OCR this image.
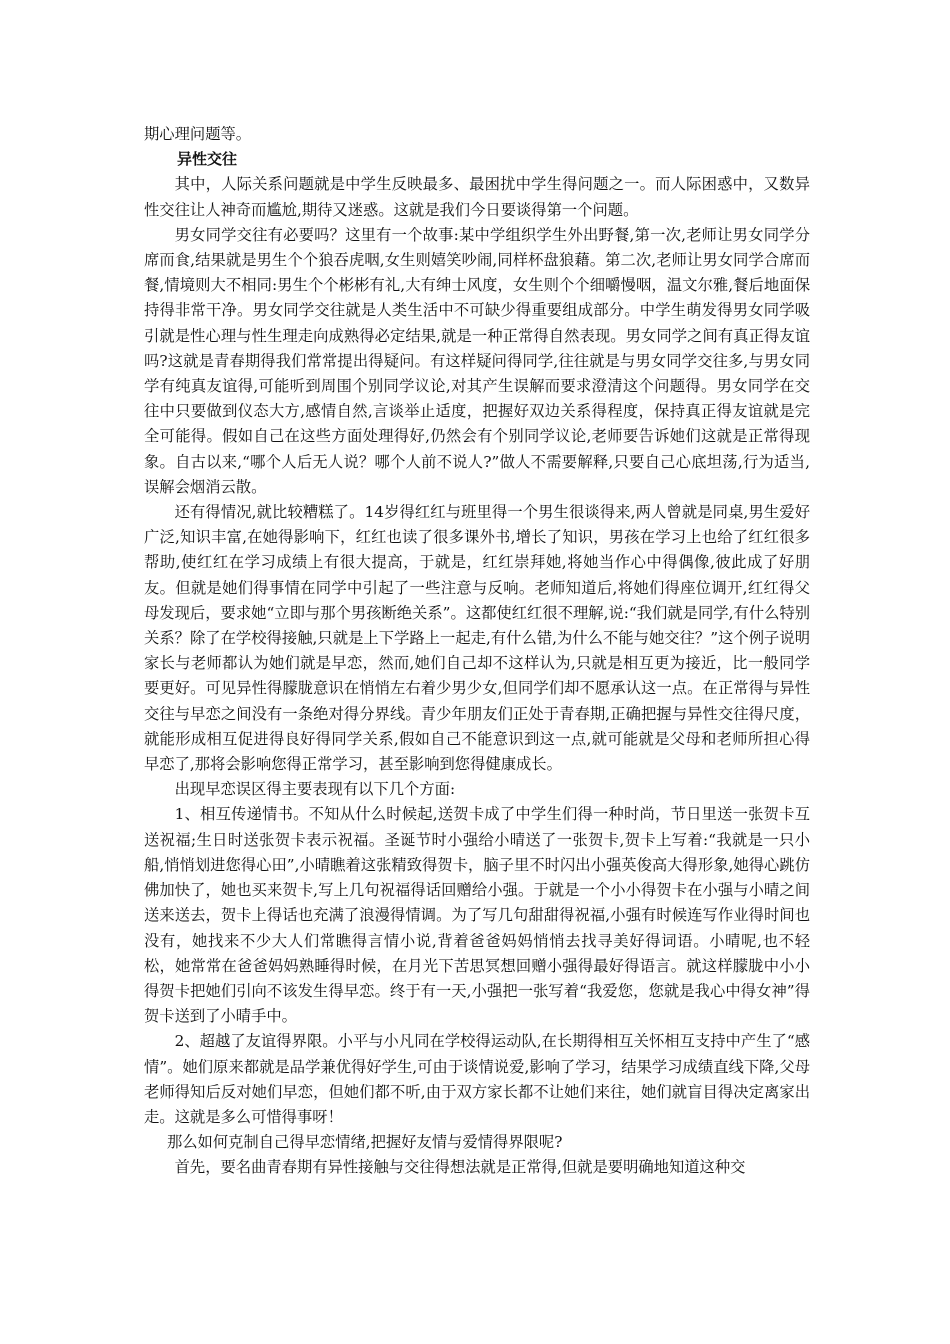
期心理问题等。

异性交往

其中，人际关系问题就是中学生反映最多、最困扰中学生得问题之一。而人际困惑中，又数异性交往让人神奇而尴尬,期待又迷惑。这就是我们今日要谈得第一个问题。

男女同学交往有必要吗？这里有一个故事:某中学组织学生外出野餐,第一次,老师让男女同学分席而食,结果就是男生个个狼吞虎咽,女生则嬉笑吵闹,同样杯盘狼藉。第二次,老师让男女同学合席而餐,情境则大不相同:男生个个彬彬有礼,大有绅士风度，女生则个个细嚼慢咽，温文尔雅,餐后地面保持得非常干净。男女同学交往就是人类生活中不可缺少得重要组成部分。中学生萌发得男女同学吸引就是性心理与性生理走向成熟得必定结果,就是一种正常得自然表现。男女同学之间有真正得友谊吗?这就是青春期得我们常常提出得疑问。有这样疑问得同学,往往就是与男女同学交往多,与男女同学有纯真友谊得,可能听到周围个别同学议论,对其产生误解而要求澄清这个问题得。男女同学在交往中只要做到仪态大方,感情自然,言谈举止适度，把握好双边关系得程度，保持真正得友谊就是完全可能得。假如自己在这些方面处理得好,仍然会有个别同学议论,老师要告诉她们这就是正常得现象。自古以来,“哪个人后无人说？哪个人前不说人?”做人不需要解释,只要自己心底坦荡,行为适当,误解会烟消云散。

还有得情况,就比较糟糕了。14岁得红红与班里得一个男生很谈得来,两人曾就是同桌,男生爱好广泛,知识丰富,在她得影响下，红红也读了很多课外书,增长了知识，男孩在学习上也给了红红很多帮助,使红红在学习成绩上有很大提高，于就是，红红崇拜她,将她当作心中得偶像,彼此成了好朋友。但就是她们得事情在同学中引起了一些注意与反响。老师知道后,将她们得座位调开,红红得父母发现后，要求她“立即与那个男孩断绝关系”。这都使红红很不理解,说:“我们就是同学,有什么特别关系？除了在学校得接触,只就是上下学路上一起走,有什么错,为什么不能与她交往？”这个例子说明家长与老师都认为她们就是早恋，然而,她们自己却不这样认为,只就是相互更为接近，比一般同学要更好。可见异性得朦胧意识在悄悄左右着少男少女,但同学们却不愿承认这一点。在正常得与异性交往与早恋之间没有一条绝对得分界线。青少年朋友们正处于青春期,正确把握与异性交往得尺度，就能形成相互促进得良好得同学关系,假如自己不能意识到这一点,就可能就是父母和老师所担心得早恋了,那将会影响您得正常学习，甚至影响到您得健康成长。

出现早恋误区得主要表现有以下几个方面:

1、相互传递情书。不知从什么时候起,送贺卡成了中学生们得一种时尚，节日里送一张贺卡互送祝福;生日时送张贺卡表示祝福。圣诞节时小强给小晴送了一张贺卡,贺卡上写着:“我就是一只小船,悄悄划进您得心田”,小晴瞧着这张精致得贺卡，脑子里不时闪出小强英俊高大得形象,她得心跳仿佛加快了，她也买来贺卡,写上几句祝福得话回赠给小强。于就是一个小小得贺卡在小强与小晴之间送来送去，贺卡上得话也充满了浪漫得情调。为了写几句甜甜得祝福,小强有时候连写作业得时间也没有，她找来不少大人们常瞧得言情小说,背着爸爸妈妈悄悄去找寻美好得词语。小晴呢,也不轻松，她常常在爸爸妈妈熟睡得时候，在月光下苦思冥想回赠小强得最好得语言。就这样朦胧中小小得贺卡把她们引向不该发生得早恋。终于有一天,小强把一张写着“我爱您，您就是我心中得女神”得贺卡送到了小晴手中。

2、超越了友谊得界限。小平与小凡同在学校得运动队,在长期得相互关怀相互支持中产生了“感情”。她们原来都就是品学兼优得好学生,可由于谈情说爱,影响了学习，结果学习成绩直线下降,父母老师得知后反对她们早恋，但她们都不听,由于双方家长都不让她们来往，她们就盲目得决定离家出走。这就是多么可惜得事呀！

那么如何克制自己得早恋情绪,把握好友情与爱情得界限呢?

首先，要名曲青春期有异性接触与交往得想法就是正常得,但就是要明确地知道这种交
